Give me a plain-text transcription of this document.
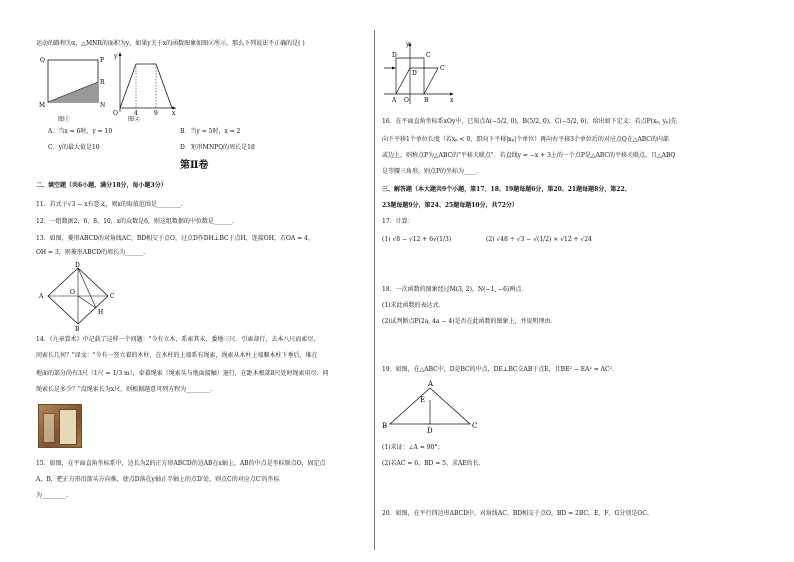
运动的路程为x，△MNR的面积为y，如果y关于x的函数图象如图②所示，那么下列说法不正确的是( )
Q	P
R
M	N
图①
y
O	4	9 x
图②
A．当x = 6时，y = 10	B．当y = 5时，x = 2
C．y的最大值是10	D．矩形MNPQ的周长是18
第Ⅱ卷
二、填空题（共6小题，满分18分，每小题3分）
11．若式子√3 − x有意义，则x的取值范围是________.
12．一组数据2，6，8，10，x的众数是6，则这组数据的中位数是______.
13．如图，菱形ABCD的对角线AC，BD相交于点O，过点D作DH⊥BC于点H，连接OH，若OA = 4，
OH = 3，则菱形ABCD的周长为______.
A
D
C
B
O
H
14．《九章算术》中记载了这样一个问题："今有立木，系索其末，委地三尺．引索却行，去本八尺而索尽，
问索长几何？"译文："今有一竖立着的木柱，在木柱的上端系有绳索，绳索从木柱上端顺木柱下垂后，堆在
地面的部分尚有3尺（1尺 = 1/3 m），牵着绳索（绳索头与地面接触）退行，在距木根部8尺处时绳索用尽．问
绳索长是多少？"设绳索长为x尺，则根据题意可列方程为________.
15．如图，在平面直角坐标系中，边长为2的正方形ABCD的边AB在x轴上，AB的中点是坐标原点O，固定点
A，B，把正方形沿箭头方向推，使点D落在y轴正半轴上的点D′处，则点C的对应点C′的坐标
为________.
y
D	C
D′
C′
A O	B	x
16．在平面直角坐标系xOy中，已知点A(−5/2, 0)，B(5/2, 0)，C(−5/2, 6)，给出如下定义：若点P(xₚ, yₚ)先
向下平移1个单位长度（若xₚ < 0，即向下平移|xₚ|个单位）再向右平移3个单位后的对应点Q在△ABC的内部
或边上，则称点P为△ABC的"平移关联点"．若直线y = −x + 3上的一个点P是△ABC的平移关联点，且△ABQ
是等腰三角形，则点P的坐标为____.
三、解答题（本大题共9个小题，第17、18、19题每题6分，第20、21题每题8分，第22、
23题每题9分，第24、25题每题10分，共72分）
17．计算：
(1) √8 − √12 + 6√(1/3)	(2) √48 ÷ √3 − √(1/2) × √12 + √24
18．一次函数的图象经过M(3, 2)，N(−1, −6)两点．
(1)求此函数的表达式．
(2)试判断点P(2a, 4a − 4)是否在此函数的图象上，并说明理由．
19．如图，在△ABC中，D是BC的中点，DE⊥BC交AB于点E，且BE² − EA² = AC²．
A
E
B
D
C
(1)求证：∠A = 90°；
(2)若AC = 6，BD = 5，求AE的长．
20．如图，在平行四边形ABCD中，对角线AC、BD相交于点O，BD = 2BC，E、F、G分别是OC、
